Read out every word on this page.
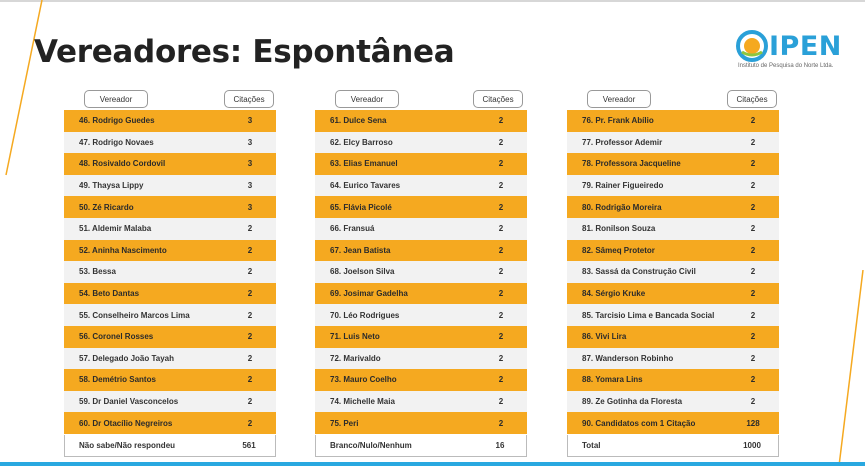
Vereadores: Espontânea	IPEN
Instituto de Pesquisa do Norte Ltda.
Vereador	Citações
46. Rodrigo Guedes	3
47. Rodrigo Novaes	3
48. Rosivaldo Cordovil	3
49. Thaysa Lippy	3
50. Zé Ricardo	3
51. Aldemir Malaba	2
52. Aninha Nascimento	2
53. Bessa	2
54. Beto Dantas	2
55. Conselheiro Marcos Lima	2
56. Coronel Rosses	2
57. Delegado João Tayah	2
58. Demétrio Santos	2
59. Dr Daniel Vasconcelos	2
60. Dr Otacílio Negreiros	2
Não sabe/Não respondeu	561
Vereador	Citações
61. Dulce Sena	2
62. Elcy Barroso	2
63. Elias Emanuel	2
64. Eurico Tavares	2
65. Flávia Picolé	2
66. Fransuá	2
67. Jean Batista	2
68. Joelson Silva	2
69. Josimar Gadelha	2
70. Léo Rodrigues	2
71. Luis Neto	2
72. Marivaldo	2
73. Mauro Coelho	2
74. Michelle Maia	2
75. Peri	2
Branco/Nulo/Nenhum	16
Vereador	Citações
76. Pr. Frank Abílio	2
77. Professor Ademir	2
78. Professora Jacqueline	2
79. Rainer Figueiredo	2
80. Rodrigão Moreira	2
81. Ronilson Souza	2
82. Sâmeq Protetor	2
83. Sassá da Construção Civil	2
84. Sérgio Kruke	2
85. Tarcisio Lima e Bancada Social	2
86. Vivi Lira	2
87. Wanderson Robinho	2
88. Yomara Lins	2
89. Ze Gotinha da Floresta	2
90. Candidatos com 1 Citação	128
Total	1000
